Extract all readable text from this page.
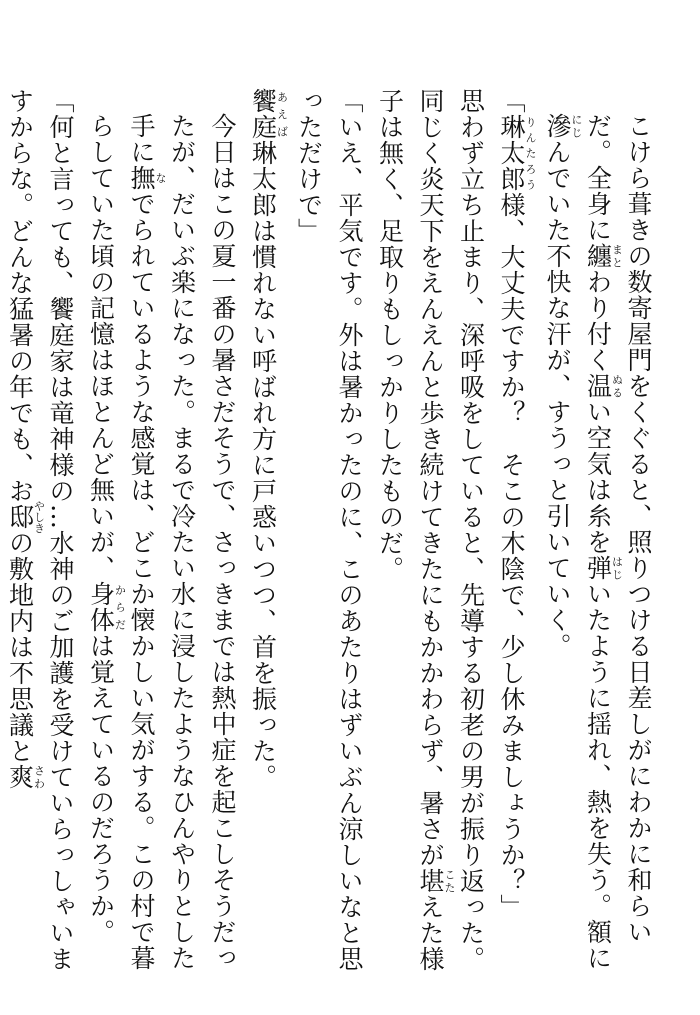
こけら葺きの数寄屋門をくぐると、照りつける日差しがにわかに和らいだ。全身に纏まとわり付く温ぬるい空気は糸を弾はじいたように揺れ、熱を失う。額に滲にじんでいた不快な汗が、すうっと引いていく。

「琳太郎りんたろう様、大丈夫ですか？　そこの木陰で、少し休みましょうか？」

思わず立ち止まり、深呼吸をしていると、先導する初老の男が振り返った。同じく炎天下をえんえんと歩き続けてきたにもかかわらず、暑さが堪こたえた様子は無く、足取りもしっかりしたものだ。

「いえ、平気です。外は暑かったのに、このあたりはずいぶん涼しいなと思っただけで」

饗庭あえば琳太郎は慣れない呼ばれ方に戸惑いつつ、首を振った。

今日はこの夏一番の暑さだそうで、さっきまでは熱中症を起こしそうだったが、だいぶ楽になった。まるで冷たい水に浸したようなひんやりとした手に撫なでられているような感覚は、どこか懐かしい気がする。この村で暮らしていた頃の記憶はほとんど無いが、身体からだは覚えているのだろうか。

「何と言っても、饗庭家は竜神様の…水神のご加護を受けていらっしゃいますからな。どんな猛暑の年でも、お邸やしきの敷地内は不思議と爽さわ
